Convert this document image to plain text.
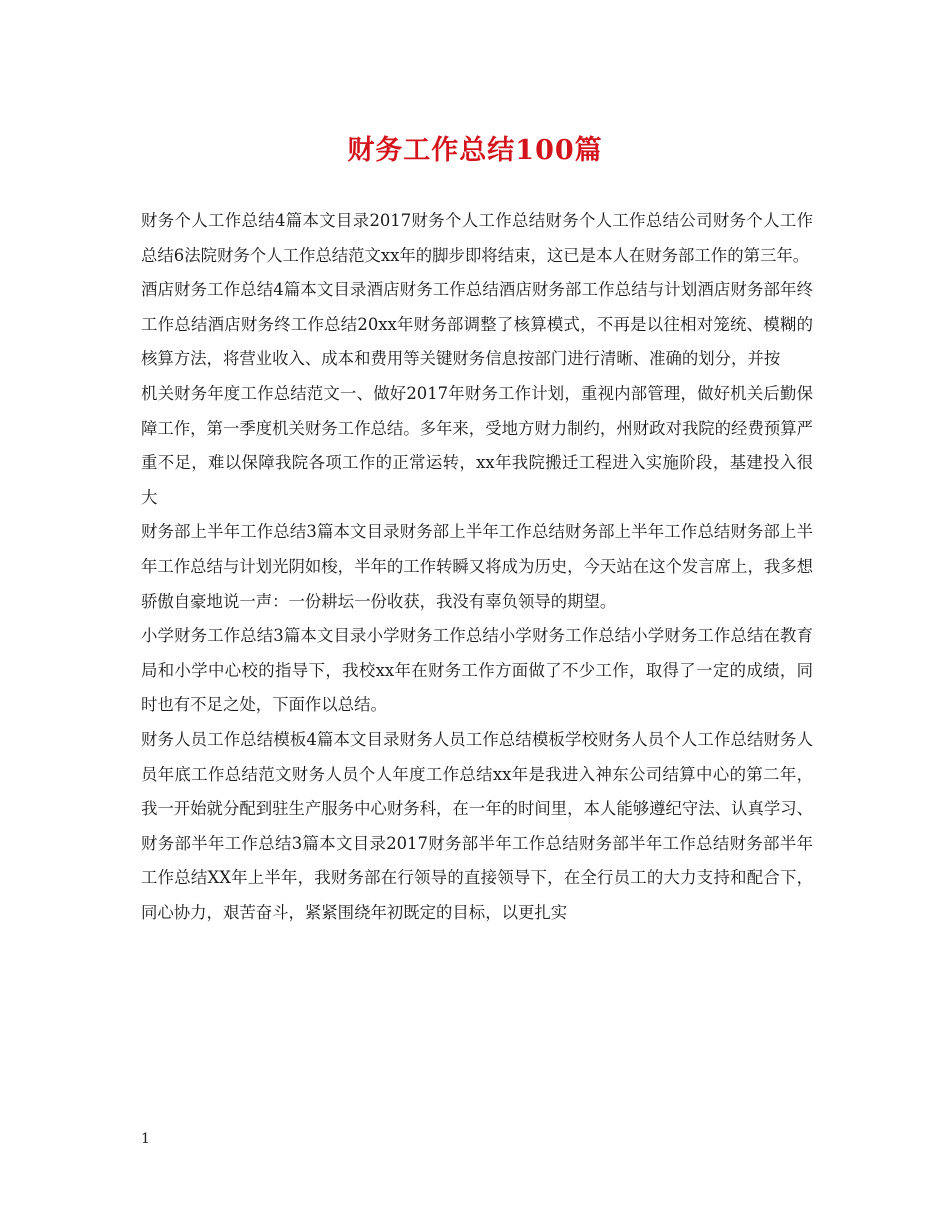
财务工作总结100篇

财务个人工作总结4篇本文目录2017财务个人工作总结财务个人工作总结公司财务个人工作总结6法院财务个人工作总结范文xx年的脚步即将结束，这已是本人在财务部工作的第三年。

酒店财务工作总结4篇本文目录酒店财务工作总结酒店财务部工作总结与计划酒店财务部年终工作总结酒店财务终工作总结20xx年财务部调整了核算模式，不再是以往相对笼统、模糊的核算方法，将营业收入、成本和费用等关键财务信息按部门进行清晰、准确的划分，并按

机关财务年度工作总结范文一、做好2017年财务工作计划，重视内部管理，做好机关后勤保障工作，第一季度机关财务工作总结。多年来，受地方财力制约，州财政对我院的经费预算严重不足，难以保障我院各项工作的正常运转，xx年我院搬迁工程进入实施阶段，基建投入很大

财务部上半年工作总结3篇本文目录财务部上半年工作总结财务部上半年工作总结财务部上半年工作总结与计划光阴如梭，半年的工作转瞬又将成为历史，今天站在这个发言席上，我多想骄傲自豪地说一声：一份耕坛一份收获，我没有辜负领导的期望。

小学财务工作总结3篇本文目录小学财务工作总结小学财务工作总结小学财务工作总结在教育局和小学中心校的指导下，我校xx年在财务工作方面做了不少工作，取得了一定的成绩，同时也有不足之处，下面作以总结。

财务人员工作总结模板4篇本文目录财务人员工作总结模板学校财务人员个人工作总结财务人员年底工作总结范文财务人员个人年度工作总结xx年是我进入神东公司结算中心的第二年，我一开始就分配到驻生产服务中心财务科，在一年的时间里，本人能够遵纪守法、认真学习、

财务部半年工作总结3篇本文目录2017财务部半年工作总结财务部半年工作总结财务部半年工作总结XX年上半年，我财务部在行领导的直接领导下，在全行员工的大力支持和配合下，同心协力，艰苦奋斗，紧紧围绕年初既定的目标，以更扎实

1
